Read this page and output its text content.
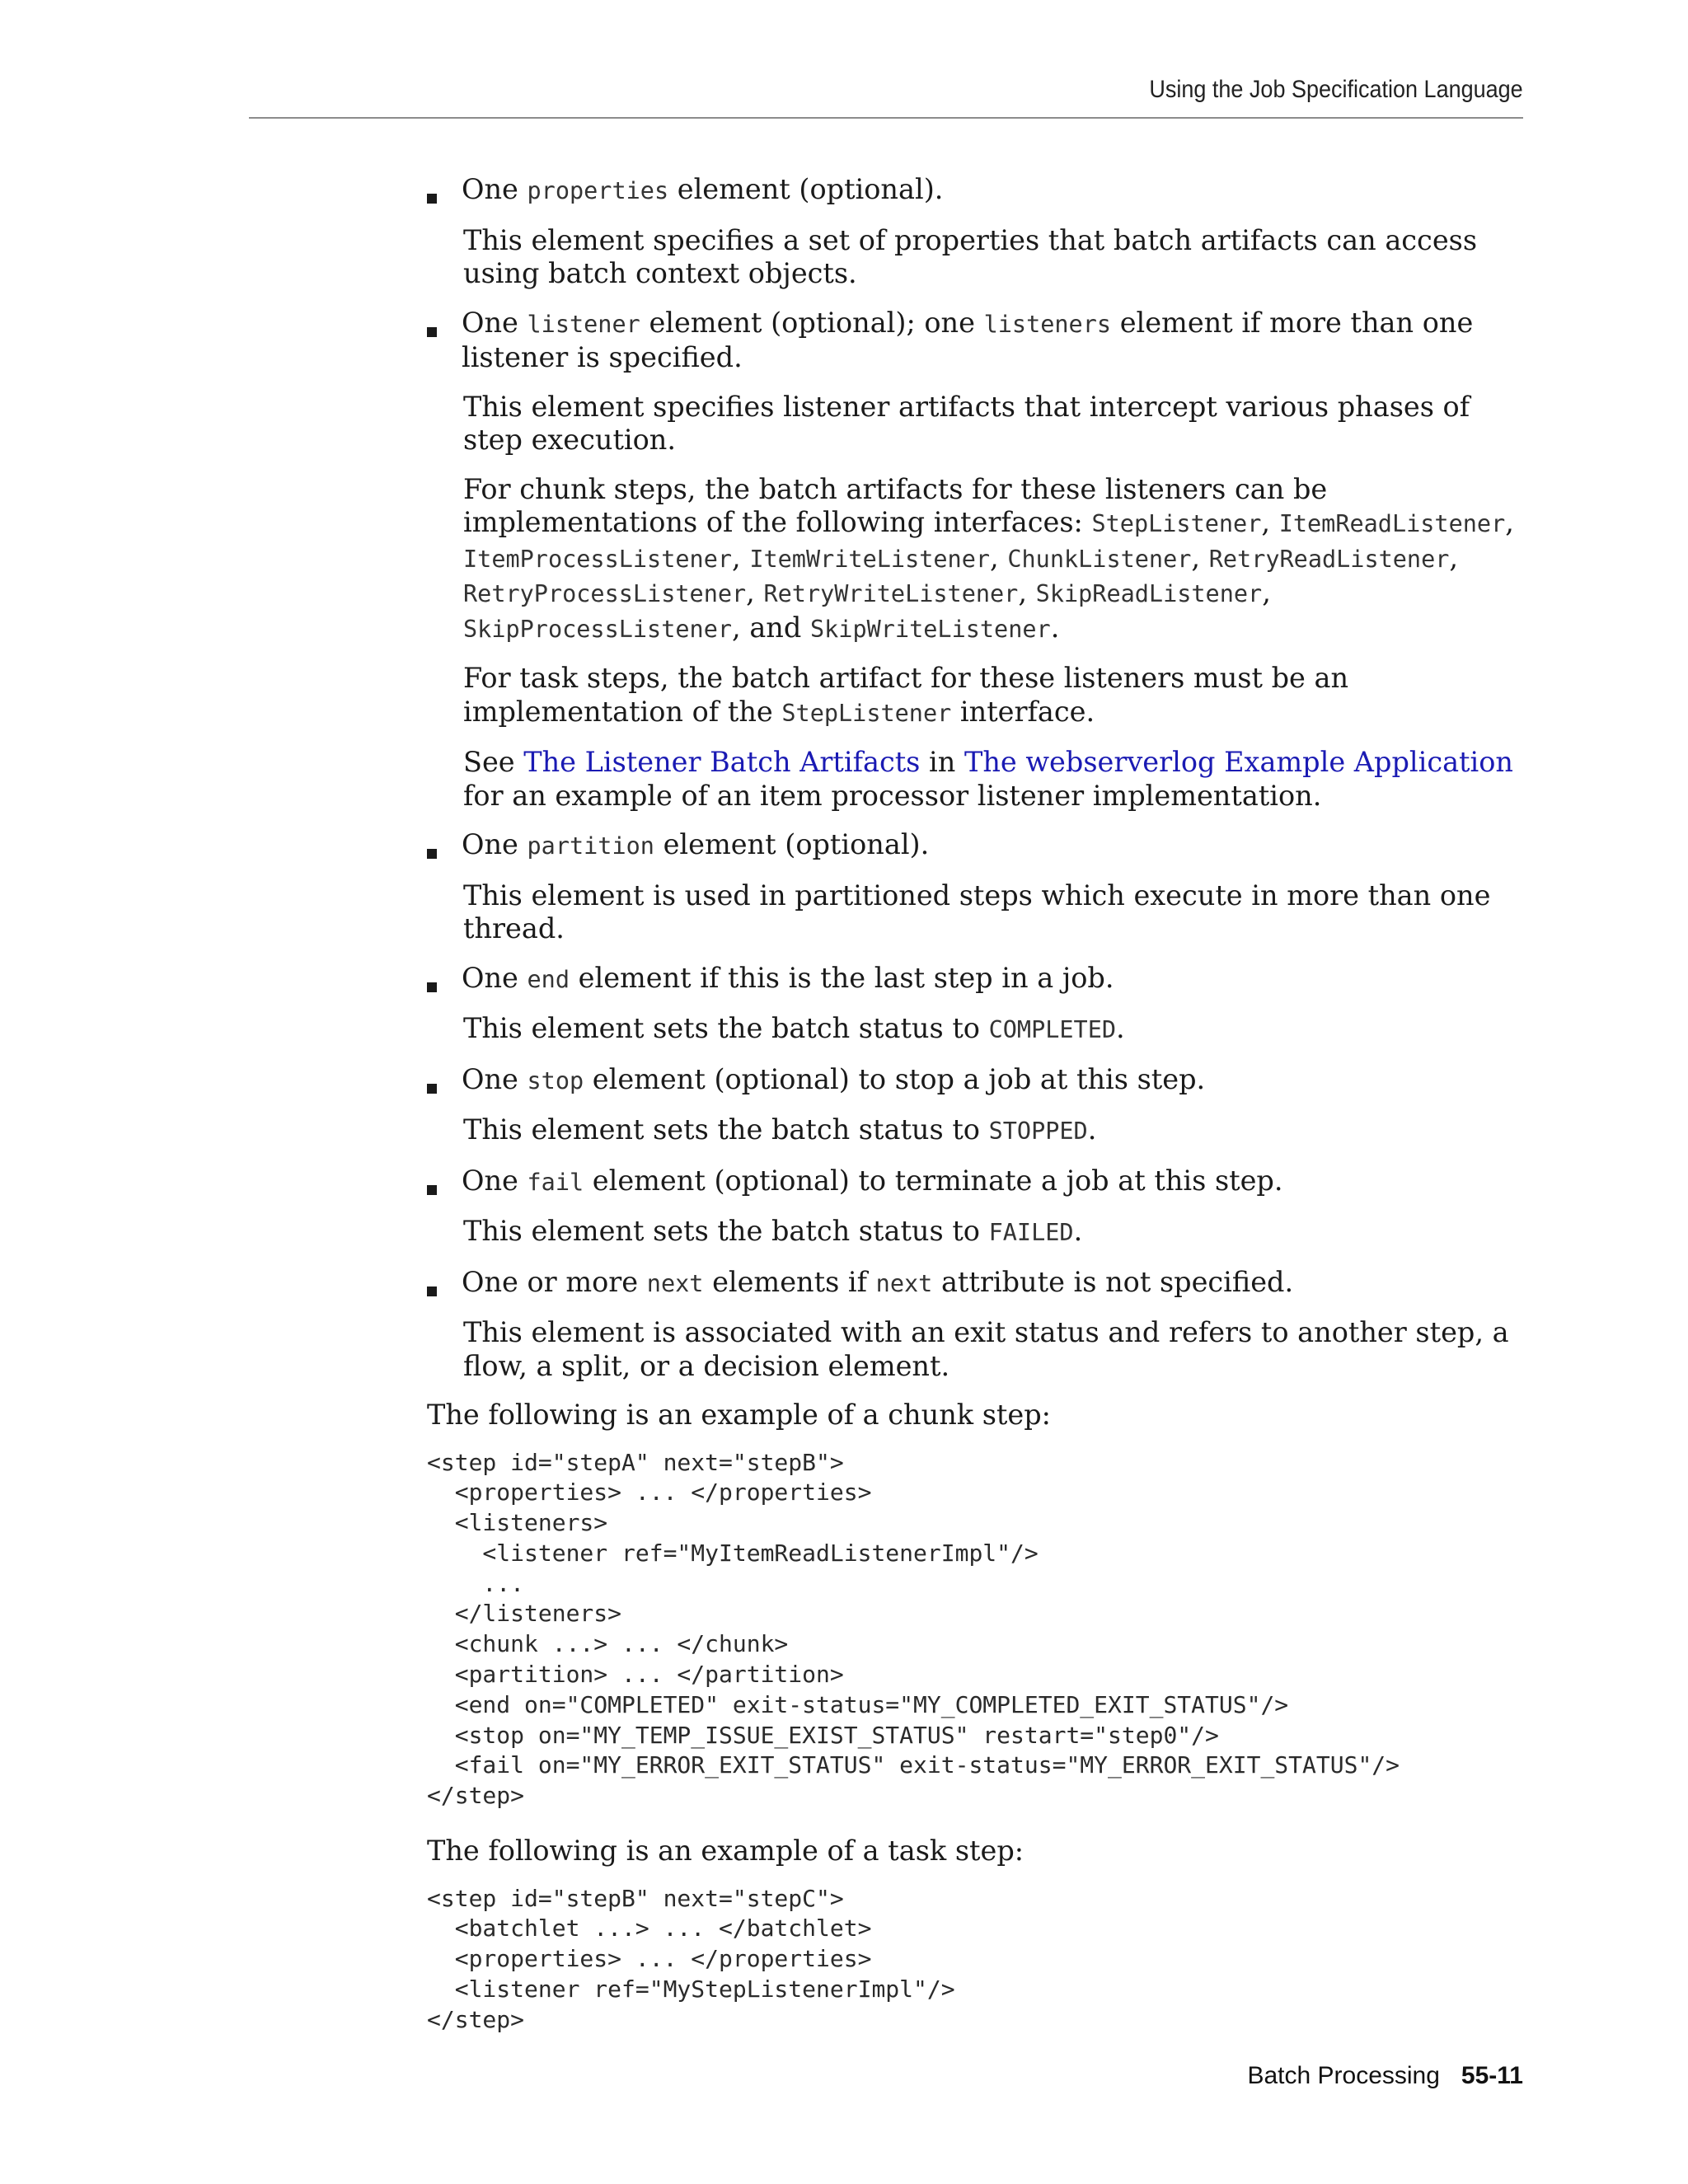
Using the Job Specification Language

One properties element (optional).

This element specifies a set of properties that batch artifacts can access using batch context objects.

One listener element (optional); one listeners element if more than one listener is specified.

This element specifies listener artifacts that intercept various phases of step execution.

For chunk steps, the batch artifacts for these listeners can be implementations of the following interfaces: StepListener, ItemReadListener, ItemProcessListener, ItemWriteListener, ChunkListener, RetryReadListener, RetryProcessListener, RetryWriteListener, SkipReadListener, SkipProcessListener, and SkipWriteListener.

For task steps, the batch artifact for these listeners must be an implementation of the StepListener interface.

See The Listener Batch Artifacts in The webserverlog Example Application for an example of an item processor listener implementation.

One partition element (optional).

This element is used in partitioned steps which execute in more than one thread.

One end element if this is the last step in a job.

This element sets the batch status to COMPLETED.

One stop element (optional) to stop a job at this step.

This element sets the batch status to STOPPED.

One fail element (optional) to terminate a job at this step.

This element sets the batch status to FAILED.

One or more next elements if next attribute is not specified.

This element is associated with an exit status and refers to another step, a flow, a split, or a decision element.

The following is an example of a chunk step:

<step id="stepA" next="stepB">
<properties> ... </properties>
<listeners>
<listener ref="MyItemReadListenerImpl"/>
...
</listeners>
<chunk ...> ... </chunk>
<partition> ... </partition>
<end on="COMPLETED" exit-status="MY_COMPLETED_EXIT_STATUS"/>
<stop on="MY_TEMP_ISSUE_EXIST_STATUS" restart="step0"/>
<fail on="MY_ERROR_EXIT_STATUS" exit-status="MY_ERROR_EXIT_STATUS"/>
</step>

The following is an example of a task step:

<step id="stepB" next="stepC">
<batchlet ...> ... </batchlet>
<properties> ... </properties>
<listener ref="MyStepListenerImpl"/>
</step>
Batch Processing 55-11
